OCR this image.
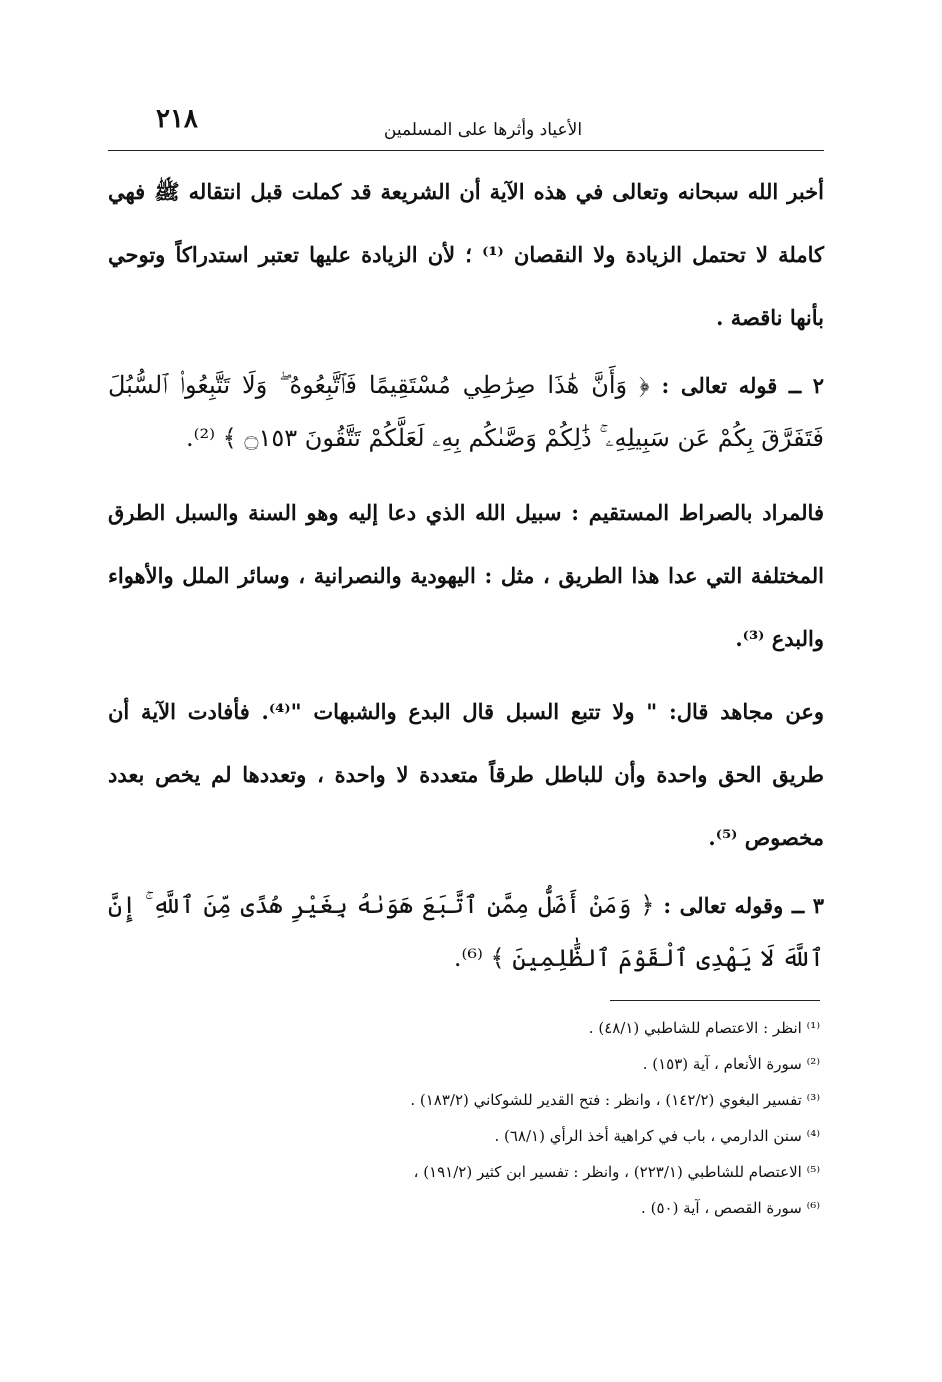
٢١٨	الأعياد وأثرها على المسلمين

أخبر الله سبحانه وتعالى في هذه الآية أن الشريعة قد كملت قبل انتقاله ﷺ فهي كاملة لا تحتمل الزيادة ولا النقصان ⁽¹⁾ ؛ لأن الزيادة عليها تعتبر استدراكاً وتوحي بأنها ناقصة .

٢ ــ قوله تعالى : ﴿ وَأَنَّ هَٰذَا صِرَٰطِي مُسْتَقِيمًا فَٱتَّبِعُوهُ ۖ وَلَا تَتَّبِعُوا۟ ٱلسُّبُلَ فَتَفَرَّقَ بِكُمْ عَن سَبِيلِهِۦ ۚ ذَٰلِكُمْ وَصَّىٰكُم بِهِۦ لَعَلَّكُمْ تَتَّقُونَ ۝١٥٣ ﴾ ⁽²⁾.

فالمراد بالصراط المستقيم : سبيل الله الذي دعا إليه وهو السنة والسبل الطرق المختلفة التي عدا هذا الطريق ، مثل : اليهودية والنصرانية ، وسائر الملل والأهواء والبدع ⁽³⁾.

وعن مجاهد قال: " ولا تتبع السبل قال البدع والشبهات "⁽⁴⁾. فأفادت الآية أن طريق الحق واحدة وأن للباطل طرقاً متعددة لا واحدة ، وتعددها لم يخص بعدد مخصوص ⁽⁵⁾.

٣ ــ وقوله تعالى : ﴿ وَمَنْ أَضَلُّ مِمَّنِ ٱتَّبَعَ هَوَىٰهُ بِغَيْرِ هُدًى مِّنَ ٱللَّهِ ۚ إِنَّ ٱللَّهَ لَا يَهْدِى ٱلْقَوْمَ ٱلظَّٰلِمِينَ ﴾ ⁽⁶⁾.

⁽¹⁾ انظر : الاعتصام للشاطبي (٤٨/١) .

⁽²⁾ سورة الأنعام ، آية (١٥٣) .

⁽³⁾ تفسير البغوي (١٤٢/٢) ، وانظر : فتح القدير للشوكاني (١٨٣/٢) .

⁽⁴⁾ سنن الدارمي ، باب في كراهية أخذ الرأي (٦٨/١) .

⁽⁵⁾ الاعتصام للشاطبي (٢٢٣/١) ، وانظر : تفسير ابن كثير (١٩١/٢) ،

⁽⁶⁾ سورة القصص ، آية (٥٠) .
